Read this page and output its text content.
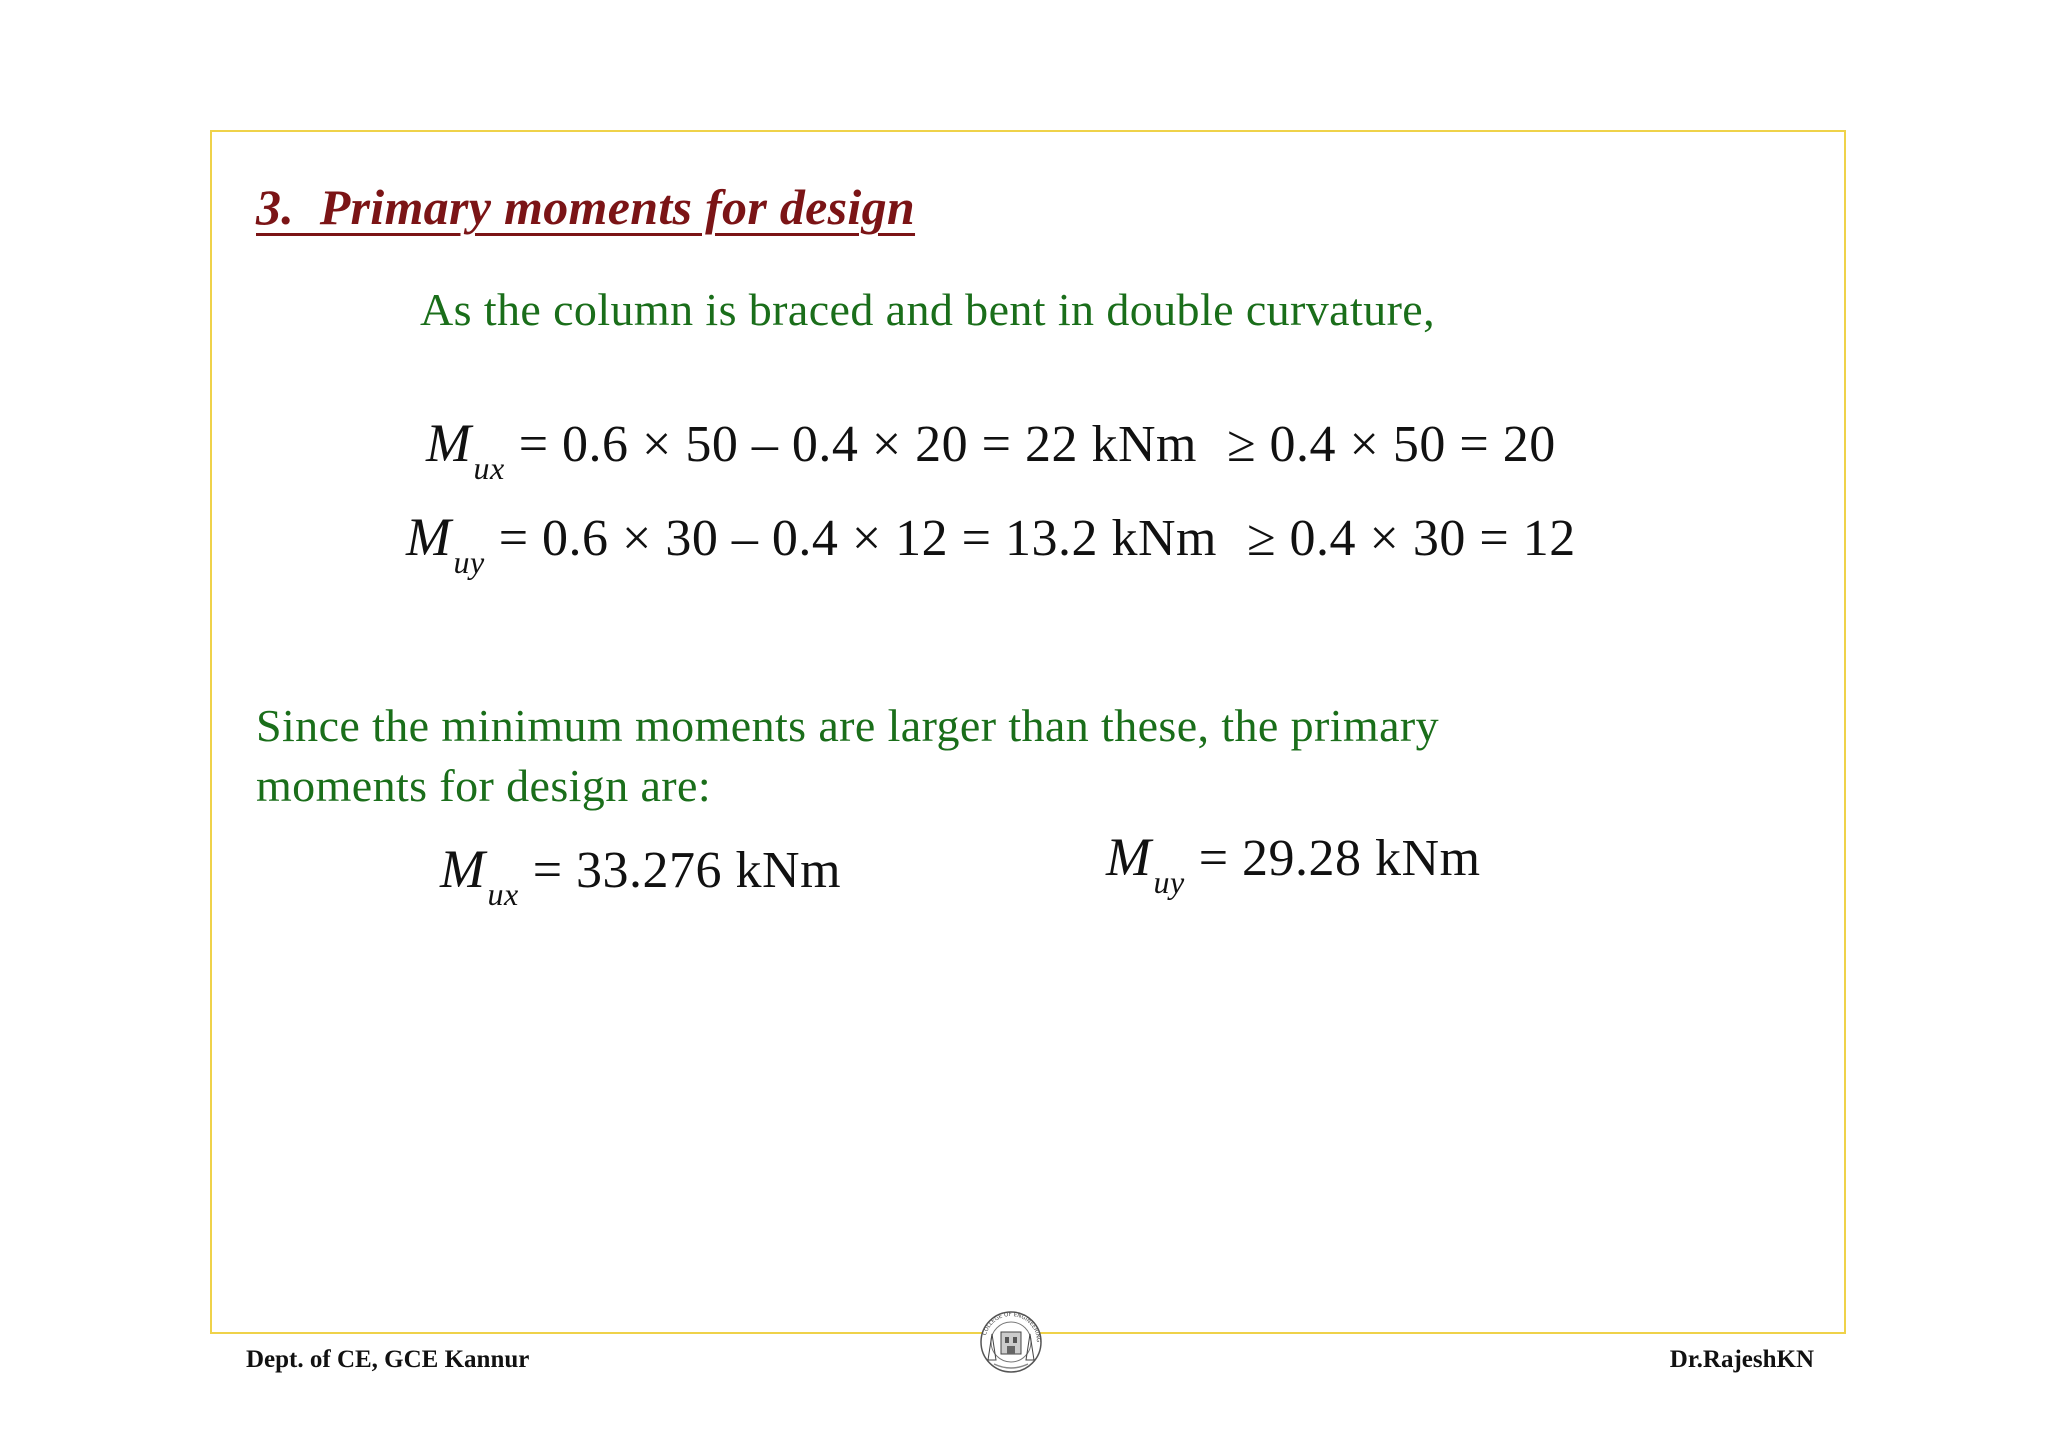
3.  Primary moments for design
As the column is braced and bent in double curvature,
$M_{ux} = 0.6 \times 50 - 0.4 \times 20 = 22$ kNm ≥ 0.4 × 50 = 20
$M_{uy} = 0.6 \times 30 - 0.4 \times 12 = 13.2$ kNm ≥ 0.4 × 30 = 12
Since the minimum moments are larger than these, the primary
moments for design are:
$M_{ux} = 33.276$ kNm	$M_{uy} = 29.28$ kNm
Dept. of CE, GCE Kannur	Dr.RajeshKN
COLLEGE OF ENGINEERING
